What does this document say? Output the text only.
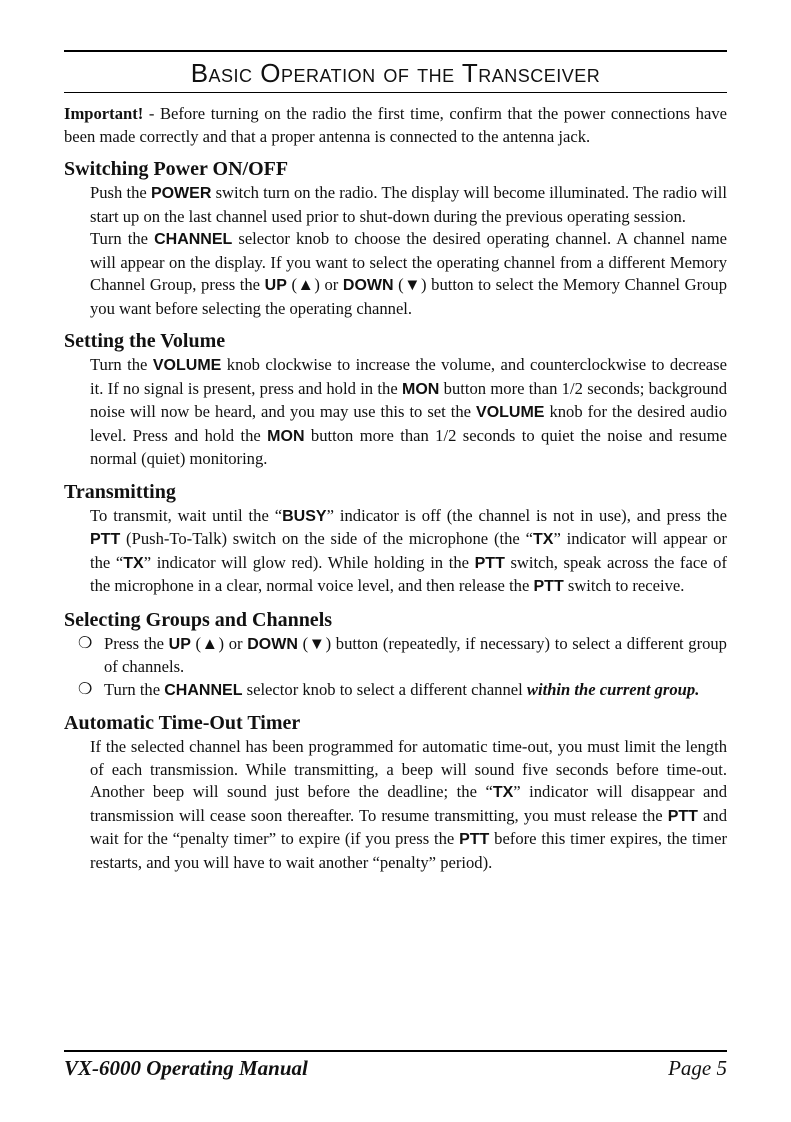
Basic Operation of the Transceiver

Important! - Before turning on the radio the first time, confirm that the power connections have been made correctly and that a proper antenna is connected to the antenna jack.

Switching Power ON/OFF

Push the POWER switch turn on the radio. The display will become illuminated. The radio will start up on the last channel used prior to shut-down during the previous operating session.

Turn the CHANNEL selector knob to choose the desired operating channel. A channel name will appear on the display. If you want to select the operating channel from a different Memory Channel Group, press the UP (▲) or DOWN (▼) button to select the Memory Channel Group you want before selecting the operating channel.

Setting the Volume

Turn the VOLUME knob clockwise to increase the volume, and counterclockwise to decrease it. If no signal is present, press and hold in the MON button more than 1/2 seconds; background noise will now be heard, and you may use this to set the VOLUME knob for the desired audio level. Press and hold the MON button more than 1/2 seconds to quiet the noise and resume normal (quiet) monitoring.

Transmitting

To transmit, wait until the “BUSY” indicator is off (the channel is not in use), and press the PTT (Push-To-Talk) switch on the side of the microphone (the “TX” indicator will appear or the “TX” indicator will glow red). While holding in the PTT switch, speak across the face of the microphone in a clear, normal voice level, and then release the PTT switch to receive.

Selecting Groups and Channels
❍ Press the UP (▲) or DOWN (▼) button (repeatedly, if necessary) to select a different group of channels.

❍ Turn the CHANNEL selector knob to select a different channel within the current group.

Automatic Time-Out Timer

If the selected channel has been programmed for automatic time-out, you must limit the length of each transmission. While transmitting, a beep will sound five seconds before time-out. Another beep will sound just before the deadline; the “TX” indicator will disappear and transmission will cease soon thereafter. To resume transmitting, you must release the PTT and wait for the “penalty timer” to expire (if you press the PTT before this timer expires, the timer restarts, and you will have to wait another “penalty” period).

VX-6000 Operating Manual	Page 5
